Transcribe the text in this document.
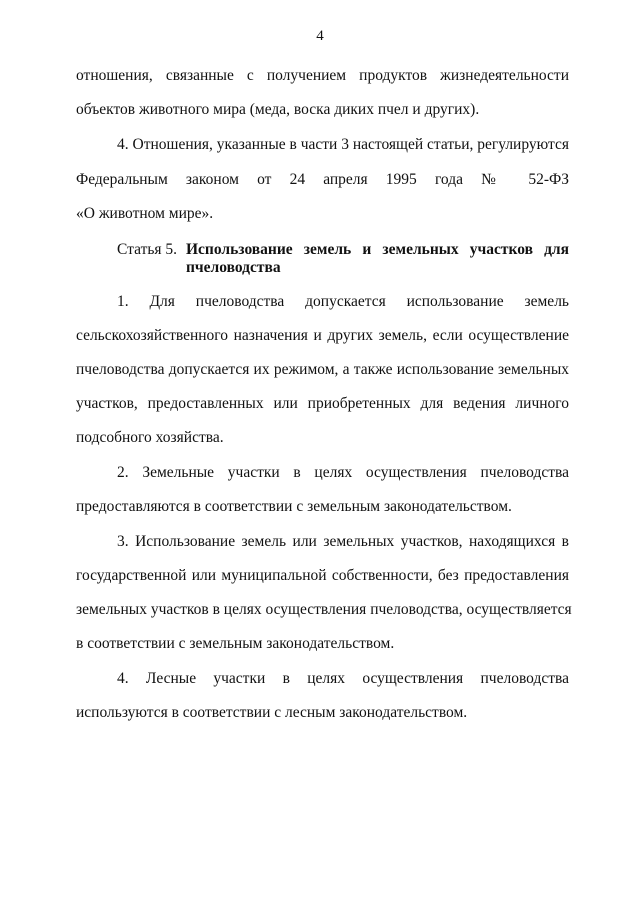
4
отношения, связанные с получением продуктов жизнедеятельности
объектов животного мира (меда, воска диких пчел и других).
4. Отношения, указанные в части 3 настоящей статьи, регулируются
Федеральным законом от 24 апреля 1995 года № 52-ФЗ
«О животном мире».
Статья 5. Использование земель и земельных участков для
пчеловодства
1. Для пчеловодства допускается использование земель
сельскохозяйственного назначения и других земель, если осуществление
пчеловодства допускается их режимом, а также использование земельных
участков, предоставленных или приобретенных для ведения личного
подсобного хозяйства.
2. Земельные участки в целях осуществления пчеловодства
предоставляются в соответствии с земельным законодательством.
3. Использование земель или земельных участков, находящихся в
государственной или муниципальной собственности, без предоставления
земельных участков в целях осуществления пчеловодства, осуществляется
в соответствии с земельным законодательством.
4. Лесные участки в целях осуществления пчеловодства
используются в соответствии с лесным законодательством.
